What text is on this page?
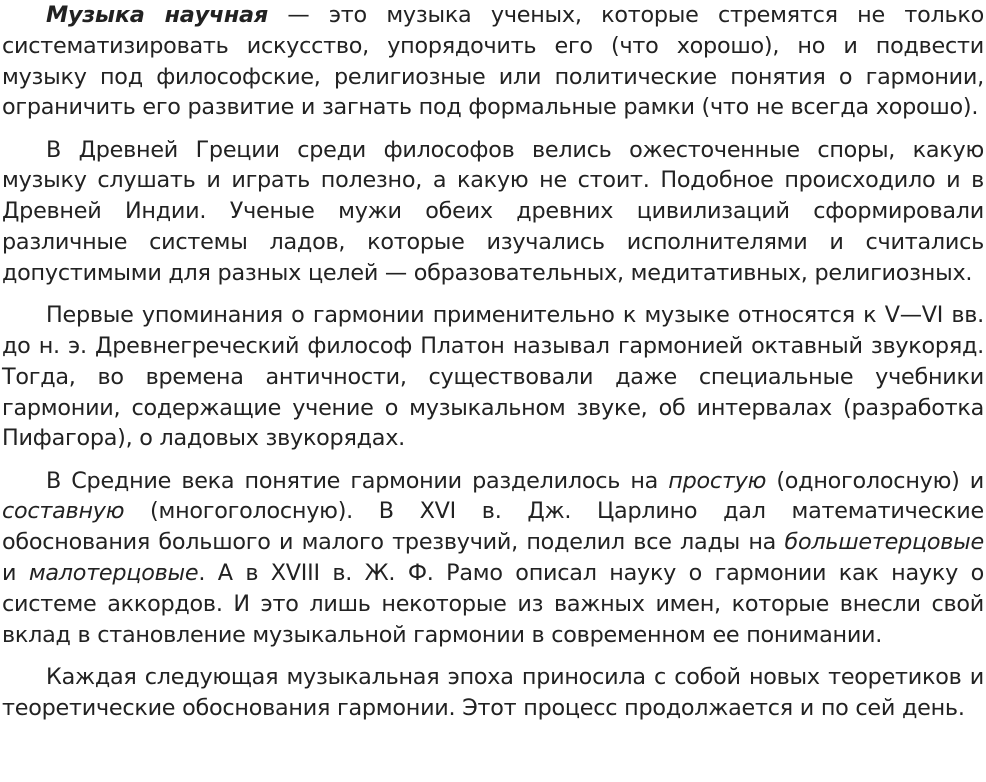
Музыка научная — это музыка ученых, которые стремятся не только систематизировать искусство, упорядочить его (что хорошо), но и подвести музыку под философские, религиозные или политические понятия о гармонии, ограничить его развитие и загнать под формальные рамки (что не всегда хорошо).

В Древней Греции среди философов велись ожесточенные споры, какую музыку слушать и играть полезно, а какую не стоит. Подобное происходило и в Древней Индии. Ученые мужи обеих древних цивилизаций сформировали различные системы ладов, которые изучались исполнителями и считались допустимыми для разных целей — образовательных, медитативных, религиозных.

Первые упоминания о гармонии применительно к музыке относятся к V—VI вв. до н. э. Древнегреческий философ Платон называл гармонией октавный звукоряд. Тогда, во времена античности, существовали даже специальные учебники гармонии, содержащие учение о музыкальном звуке, об интервалах (разработка Пифагора), о ладовых звукорядах.

В Средние века понятие гармонии разделилось на простую (одноголосную) и составную (многоголосную). В XVI в. Дж. Царлино дал математические обоснования большого и малого трезвучий, поделил все лады на большетерцовые и малотерцовые. А в XVIII в. Ж. Ф. Рамо описал науку о гармонии как науку о системе аккордов. И это лишь некоторые из важных имен, которые внесли свой вклад в становление музыкальной гармонии в современном ее понимании.

Каждая следующая музыкальная эпоха приносила с собой новых теоретиков и теоретические обоснования гармонии. Этот процесс продолжается и по сей день.
